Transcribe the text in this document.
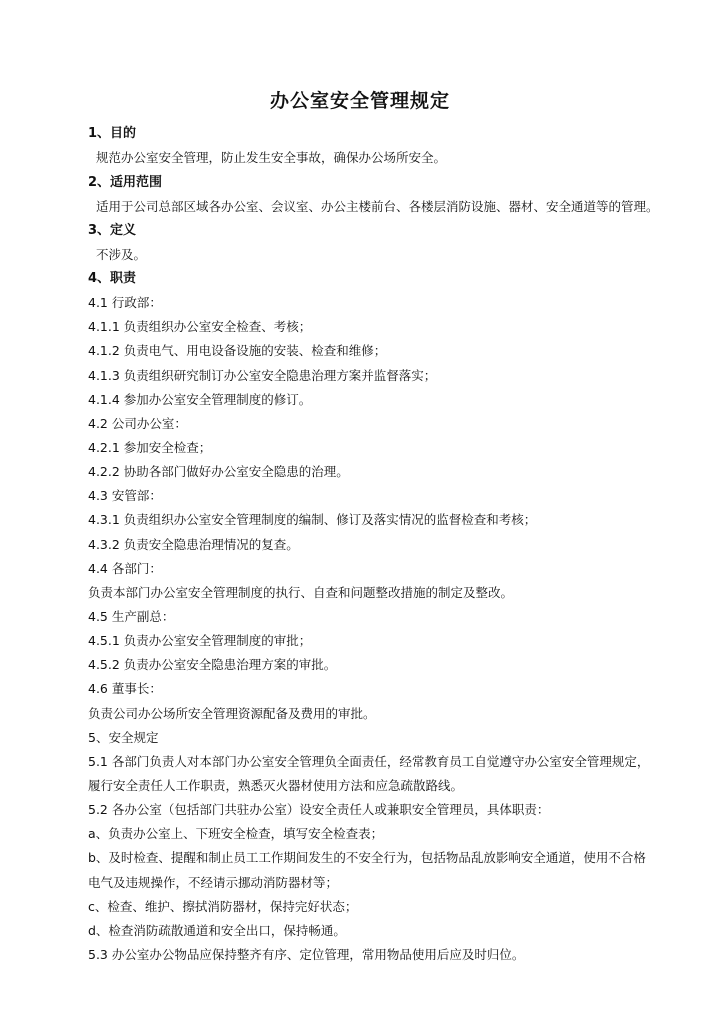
办公室安全管理规定
1、目的
规范办公室安全管理，防止发生安全事故，确保办公场所安全。
2、适用范围
适用于公司总部区域各办公室、会议室、办公主楼前台、各楼层消防设施、器材、安全通道等的管理。
3、定义
不涉及。
4、职责
4.1 行政部：
4.1.1 负责组织办公室安全检查、考核；
4.1.2 负责电气、用电设备设施的安装、检查和维修；
4.1.3 负责组织研究制订办公室安全隐患治理方案并监督落实；
4.1.4 参加办公室安全管理制度的修订。
4.2 公司办公室：
4.2.1 参加安全检查；
4.2.2 协助各部门做好办公室安全隐患的治理。
4.3 安管部：
4.3.1 负责组织办公室安全管理制度的编制、修订及落实情况的监督检查和考核；
4.3.2 负责安全隐患治理情况的复查。
4.4 各部门：
负责本部门办公室安全管理制度的执行、自查和问题整改措施的制定及整改。
4.5 生产副总：
4.5.1 负责办公室安全管理制度的审批；
4.5.2 负责办公室安全隐患治理方案的审批。
4.6 董事长：
负责公司办公场所安全管理资源配备及费用的审批。
5、安全规定
5.1 各部门负责人对本部门办公室安全管理负全面责任，经常教育员工自觉遵守办公室安全管理规定，
履行安全责任人工作职责，熟悉灭火器材使用方法和应急疏散路线。
5.2 各办公室（包括部门共驻办公室）设安全责任人或兼职安全管理员，具体职责：
a、负责办公室上、下班安全检查，填写安全检查表；
b、及时检查、提醒和制止员工工作期间发生的不安全行为，包括物品乱放影响安全通道，使用不合格
电气及违规操作，不经请示挪动消防器材等；
c、检查、维护、擦拭消防器材，保持完好状态；
d、检查消防疏散通道和安全出口，保持畅通。
5.3 办公室办公物品应保持整齐有序、定位管理，常用物品使用后应及时归位。
